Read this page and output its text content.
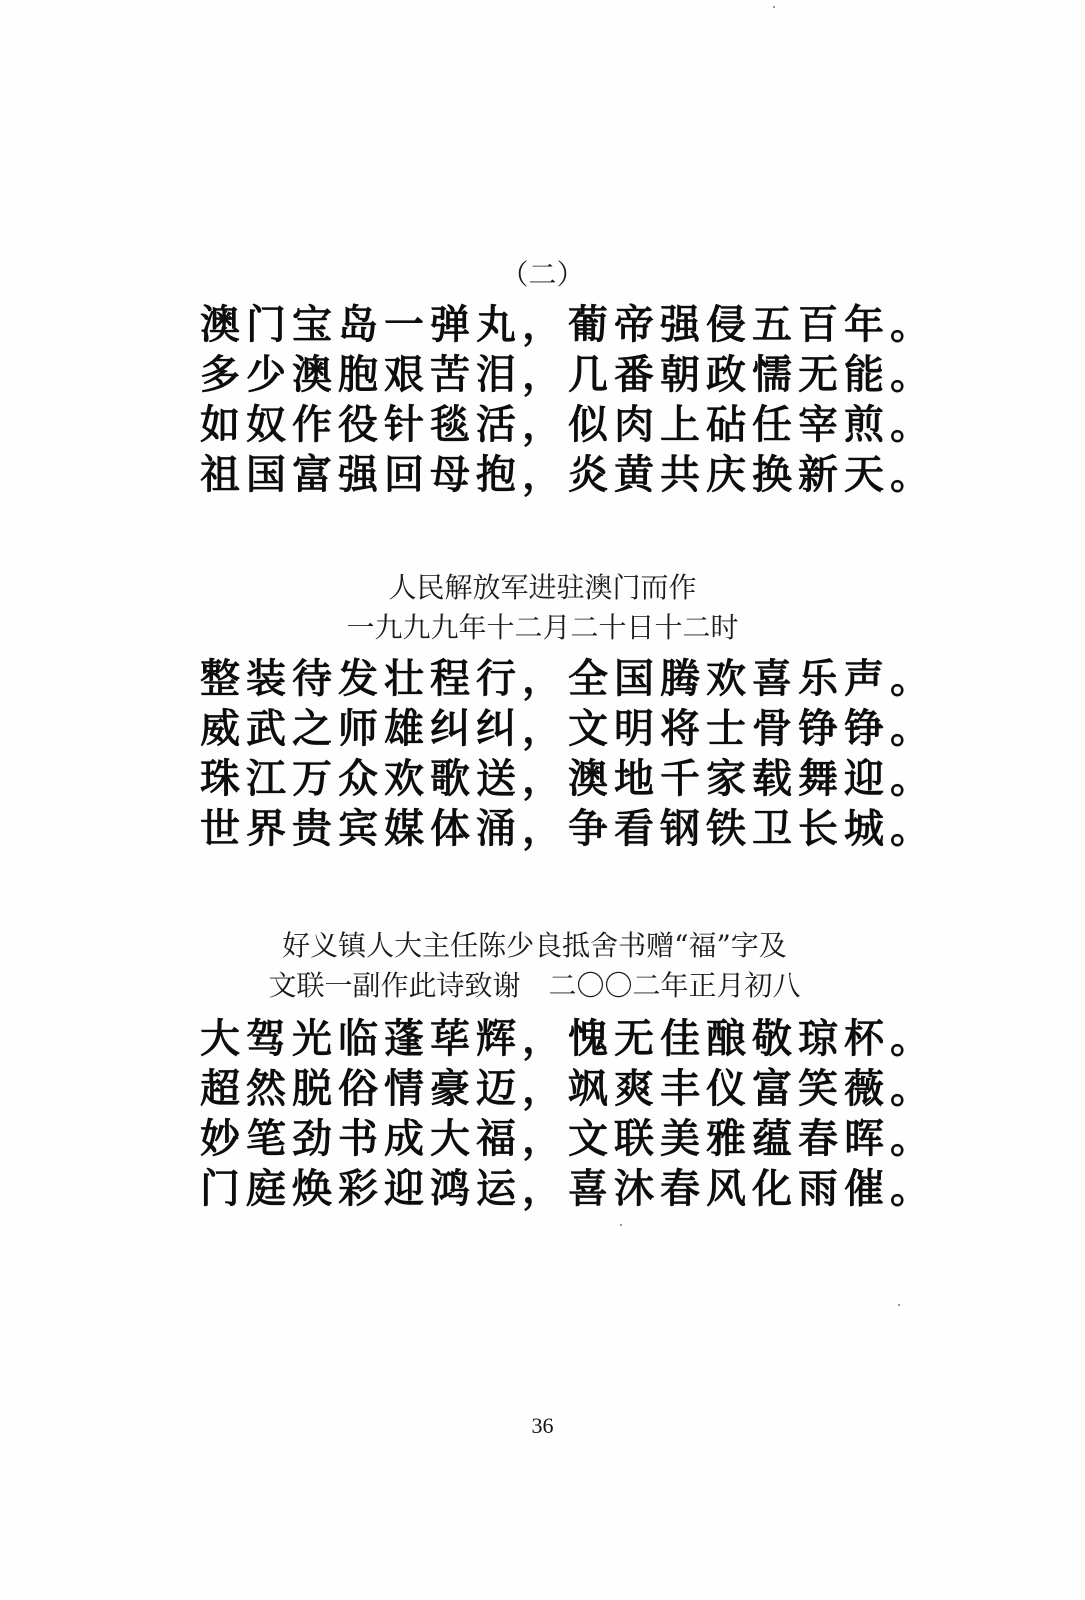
（二）
澳门宝岛一弹丸，葡帝强侵五百年。
多少澳胞艰苦泪，几番朝政懦无能。
如奴作役针毯活，似肉上砧任宰煎。
祖国富强回母抱，炎黄共庆换新天。
人民解放军进驻澳门而作
一九九九年十二月二十日十二时
整装待发壮程行，全国腾欢喜乐声。
威武之师雄纠纠，文明将士骨铮铮。
珠江万众欢歌送，澳地千家载舞迎。
世界贵宾媒体涌，争看钢铁卫长城。
好义镇人大主任陈少良抵舍书赠“福”字及
文联一副作此诗致谢　二〇〇二年正月初八
大驾光临蓬荜辉，愧无佳酿敬琼杯。
超然脱俗情豪迈，飒爽丰仪富笑薇。
妙笔劲书成大福，文联美雅蕴春晖。
门庭焕彩迎鸿运，喜沐春风化雨催。
36
